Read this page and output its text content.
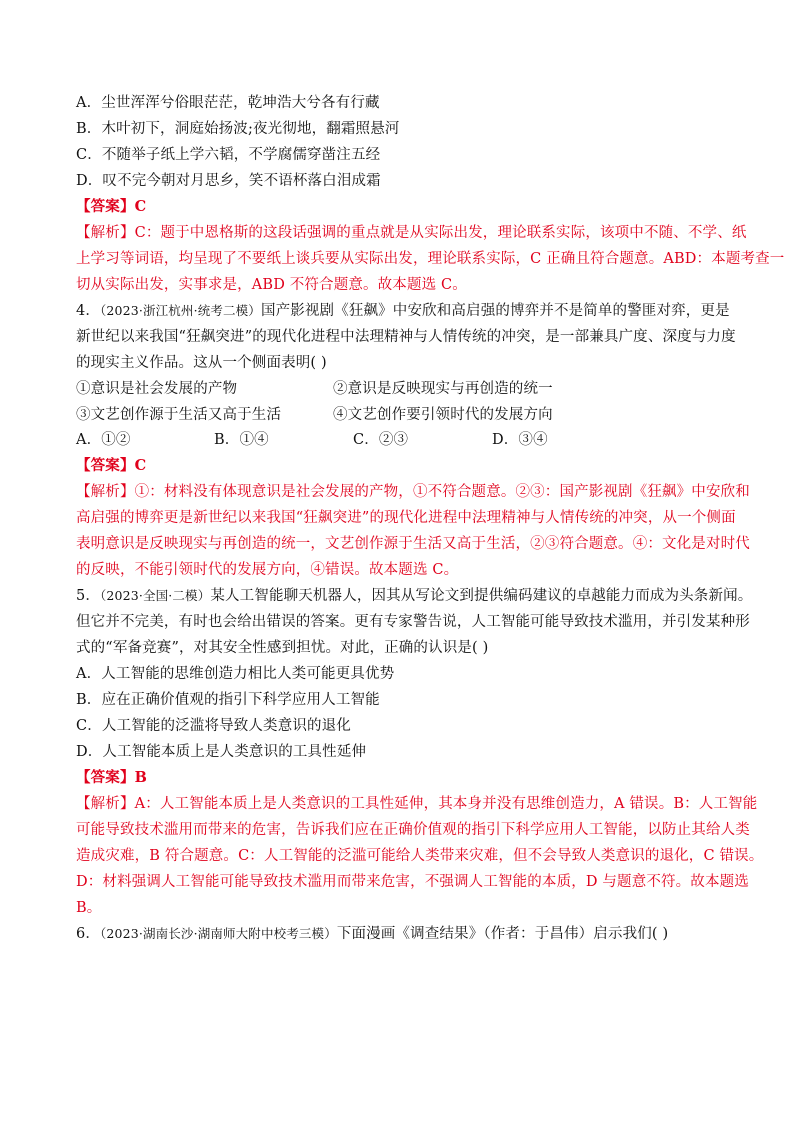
A．尘世浑浑兮俗眼茫茫，乾坤浩大兮各有行藏
B．木叶初下，洞庭始扬波;夜光彻地，翻霜照悬河
C．不随举子纸上学六韬，不学腐儒穿凿注五经
D．叹不完今朝对月思乡，笑不语杯落白泪成霜
【答案】C
【解析】C：题于中恩格斯的这段话强调的重点就是从实际出发，理论联系实际，该项中不随、不学、纸
上学习等词语，均呈现了不要纸上谈兵要从实际出发，理论联系实际，C 正确且符合题意。ABD：本题考查一
切从实际出发，实事求是，ABD 不符合题意。故本题选 C。
4．（2023·浙江杭州·统考二模）国产影视剧《狂飙》中安欣和高启强的博弈并不是简单的警匪对弈，更是
新世纪以来我国“狂飙突进”的现代化进程中法理精神与人情传统的冲突，是一部兼具广度、深度与力度
的现实主义作品。这从一个侧面表明( )
①意识是社会发展的产物	②意识是反映现实与再创造的统一
③文艺创作源于生活又高于生活	④文艺创作要引领时代的发展方向
A．①②	B．①④	C．②③	D．③④
【答案】C
【解析】①：材料没有体现意识是社会发展的产物，①不符合题意。②③：国产影视剧《狂飙》中安欣和
高启强的博弈更是新世纪以来我国“狂飙突进”的现代化进程中法理精神与人情传统的冲突，从一个侧面
表明意识是反映现实与再创造的统一，文艺创作源于生活又高于生活，②③符合题意。④：文化是对时代
的反映，不能引领时代的发展方向，④错误。故本题选 C。
5．（2023·全国·二模）某人工智能聊天机器人，因其从写论文到提供编码建议的卓越能力而成为头条新闻。
但它并不完美，有时也会给出错误的答案。更有专家警告说，人工智能可能导致技术滥用，并引发某种形
式的“军备竞赛”，对其安全性感到担忧。对此，正确的认识是( )
A．人工智能的思维创造力相比人类可能更具优势
B．应在正确价值观的指引下科学应用人工智能
C．人工智能的泛滥将导致人类意识的退化
D．人工智能本质上是人类意识的工具性延伸
【答案】B
【解析】A：人工智能本质上是人类意识的工具性延伸，其本身并没有思维创造力，A 错误。B：人工智能
可能导致技术滥用而带来的危害，告诉我们应在正确价值观的指引下科学应用人工智能，以防止其给人类
造成灾难，B 符合题意。C：人工智能的泛滥可能给人类带来灾难，但不会导致人类意识的退化，C 错误。
D：材料强调人工智能可能导致技术滥用而带来危害，不强调人工智能的本质，D 与题意不符。故本题选
B。
6．（2023·湖南长沙·湖南师大附中校考三模）下面漫画《调查结果》（作者：于昌伟）启示我们( )
